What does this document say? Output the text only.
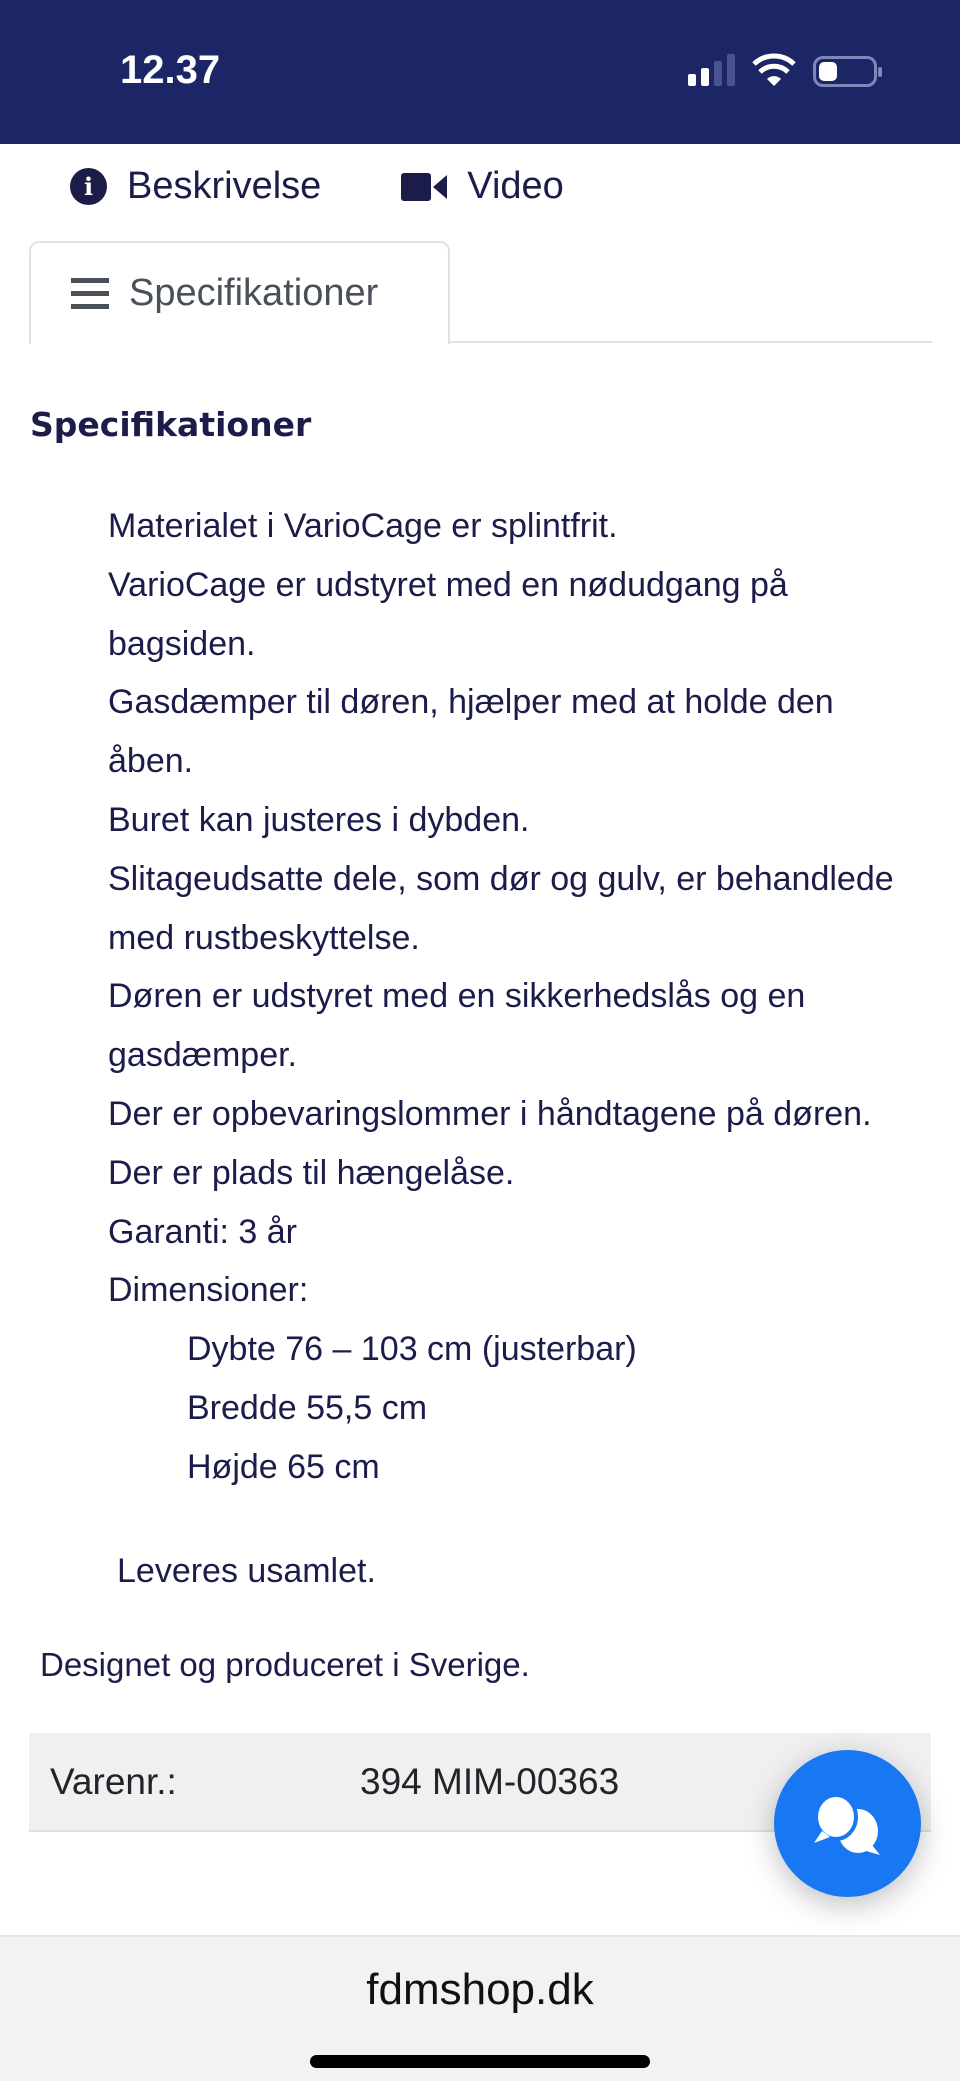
12.37
i Beskrivelse	Video
Specifikationer
Specifikationer
Materialet i VarioCage er splintfrit.
VarioCage er udstyret med en nødudgang på bagsiden.
Gasdæmper til døren, hjælper med at holde den åben.
Buret kan justeres i dybden.
Slitageudsatte dele, som dør og gulv, er behandlede med rustbeskyttelse.
Døren er udstyret med en sikkerhedslås og en gasdæmper.
Der er opbevaringslommer i håndtagene på døren.
Der er plads til hængelåse.
Garanti: 3 år
Dimensioner:
Dybte 76 – 103 cm (justerbar)
Bredde 55,5 cm
Højde 65 cm
Leveres usamlet.
Designet og produceret i Sverige.
Varenr.:	394 MIM-00363
fdmshop.dk
